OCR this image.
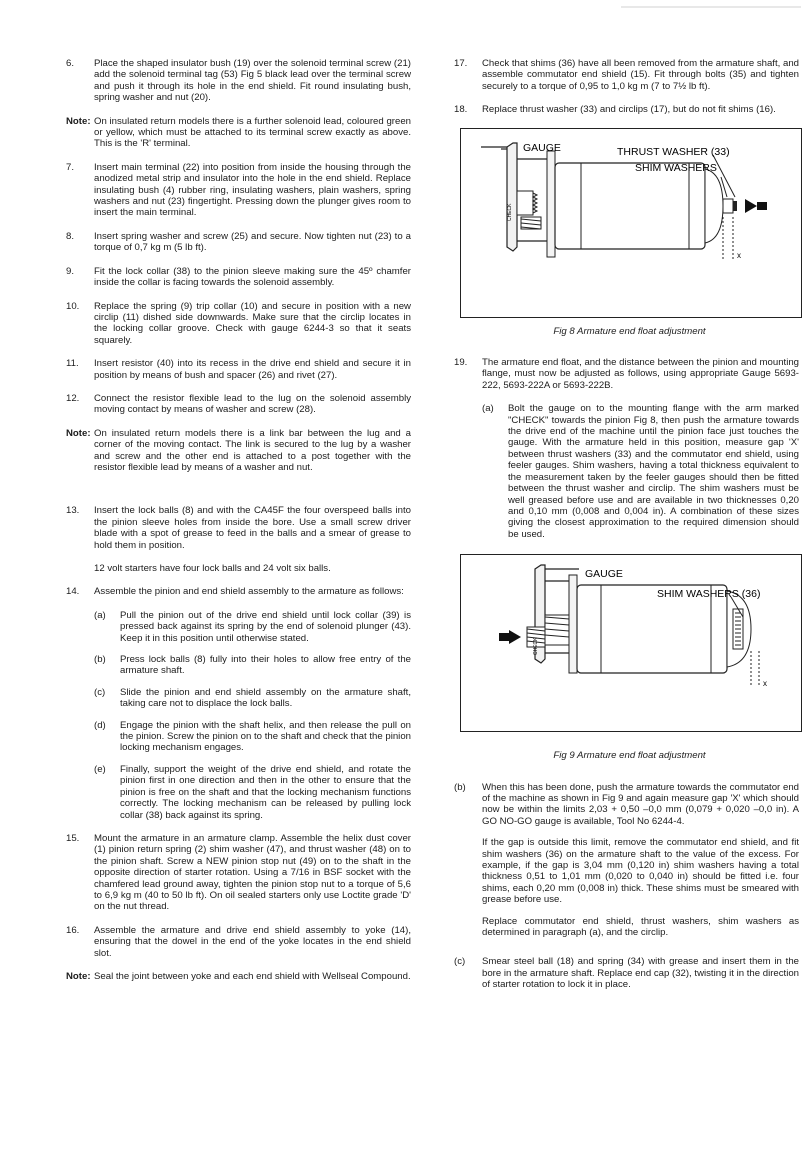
6.	Place the shaped insulator bush (19) over the solenoid terminal screw (21) add the solenoid terminal tag (53) Fig 5 black lead over the terminal screw and push it through its hole in the end shield. Fit round insulating bush, spring washer and nut (20).
Note: On insulated return models there is a further solenoid lead, coloured green or yellow, which must be attached to its terminal screw exactly as above. This is the 'R' terminal.
7.	Insert main terminal (22) into position from inside the housing through the anodized metal strip and insulator into the hole in the end shield. Replace insulating bush (4) rubber ring, insulating washers, plain washers, spring washers and nut (23) fingertight. Pressing down the plunger gives room to insert the main terminal.
8.	Insert spring washer and screw (25) and secure. Now tighten nut (23) to a torque of 0,7 kg m (5 lb ft).
9.	Fit the lock collar (38) to the pinion sleeve making sure the 45º chamfer inside the collar is facing towards the solenoid assembly.
10.	Replace the spring (9) trip collar (10) and secure in position with a new circlip (11) dished side downwards. Make sure that the circlip locates in the locking collar groove. Check with gauge 6244-3 so that it seats squarely.
11.	Insert resistor (40) into its recess in the drive end shield and secure it in position by means of bush and spacer (26) and rivet (27).
12.	Connect the resistor flexible lead to the lug on the solenoid assembly moving contact by means of washer and screw (28).
Note: On insulated return models there is a link bar between the lug and a corner of the moving contact. The link is secured to the lug by a washer and screw and the other end is attached to a post together with the resistor flexible lead by means of a washer and nut.
13.	Insert the lock balls (8) and with the CA45F the four overspeed balls into the pinion sleeve holes from inside the bore. Use a small screw driver blade with a spot of grease to feed in the balls and a smear of grease to hold them in position.
12 volt starters have four lock balls and 24 volt six balls.
14.	Assemble the pinion and end shield assembly to the armature as follows:
(a)	Pull the pinion out of the drive end shield until lock collar (39) is pressed back against its spring by the end of solenoid plunger (43). Keep it in this position until otherwise stated.
(b)	Press lock balls (8) fully into their holes to allow free entry of the armature shaft.
(c)	Slide the pinion and end shield assembly on the armature shaft, taking care not to displace the lock balls.
(d)	Engage the pinion with the shaft helix, and then release the pull on the pinion. Screw the pinion on to the shaft and check that the pinion locking mechanism engages.
(e)	Finally, support the weight of the drive end shield, and rotate the pinion first in one direction and then in the other to ensure that the pinion is free on the shaft and that the locking mechanism functions correctly. The locking mechanism can be released by pulling lock collar (38) back against its spring.
15.	Mount the armature in an armature clamp. Assemble the helix dust cover (1) pinion return spring (2) shim washer (47), and thrust washer (48) on to the pinion shaft. Screw a NEW pinion stop nut (49) on to the shaft in the opposite direction of starter rotation. Using a 7/16 in BSF socket with the chamfered lead ground away, tighten the pinion stop nut to a torque of 5,6 to 6,9 kg m (40 to 50 lb ft). On oil sealed starters only use Loctite grade 'D' on the nut thread.
16.	Assemble the armature and drive end shield assembly to yoke (14), ensuring that the dowel in the end of the yoke locates in the end shield slot.
Note: Seal the joint between yoke and each end shield with Wellseal Compound.
17.	Check that shims (36) have all been removed from the armature shaft, and assemble commutator end shield (15). Fit through bolts (35) and tighten securely to a torque of 0,95 to 1,0 kg m (7 to 7½ lb ft).
18.	Replace thrust washer (33) and circlips (17), but do not fit shims (16).
x
CHECK
GAUGE	THRUST WASHER (33)
SHIM WASHERS
Fig 8 Armature end float adjustment
19.	The armature end float, and the distance between the pinion and mounting flange, must now be adjusted as follows, using appropriate Gauge 5693-222, 5693-222A or 5693-222B.
(a)	Bolt the gauge on to the mounting flange with the arm marked "CHECK" towards the pinion Fig 8, then push the armature towards the drive end of the machine until the pinion face just touches the gauge. With the armature held in this position, measure gap 'X' between thrust washers (33) and the commutator end shield, using feeler gauges. Shim washers, having a total thickness equivalent to the measurement taken by the feeler gauges should then be fitted between the thrust washer and circlip. The shim washers must be well greased before use and are available in two thicknesses 0,20 and 0,10 mm (0,008 and 0,004 in). A combination of these sizes giving the closest approximation to the required dimension should be used.
x
CHECK
GAUGE
SHIM WASHERS (36)
Fig 9 Armature end float adjustment
(b)	When this has been done, push the armature towards the commutator end of the machine as shown in Fig 9 and again measure gap 'X' which should now be within the limits 2,03 + 0,50 –0,0 mm (0,079 + 0,020 –0,0 in). A GO NO-GO gauge is available, Tool No 6244-4.
If the gap is outside this limit, remove the commutator end shield, and fit shim washers (36) on the armature shaft to the value of the excess. For example, if the gap is 3,04 mm (0,120 in) shim washers having a total thickness 0,51 to 1,01 mm (0,020 to 0,040 in) should be fitted i.e. four shims, each 0,20 mm (0,008 in) thick. These shims must be smeared with grease before use.
Replace commutator end shield, thrust washers, shim washers as determined in paragraph (a), and the circlip.
(c)	Smear steel ball (18) and spring (34) with grease and insert them in the bore in the armature shaft. Replace end cap (32), twisting it in the direction of starter rotation to lock it in place.
